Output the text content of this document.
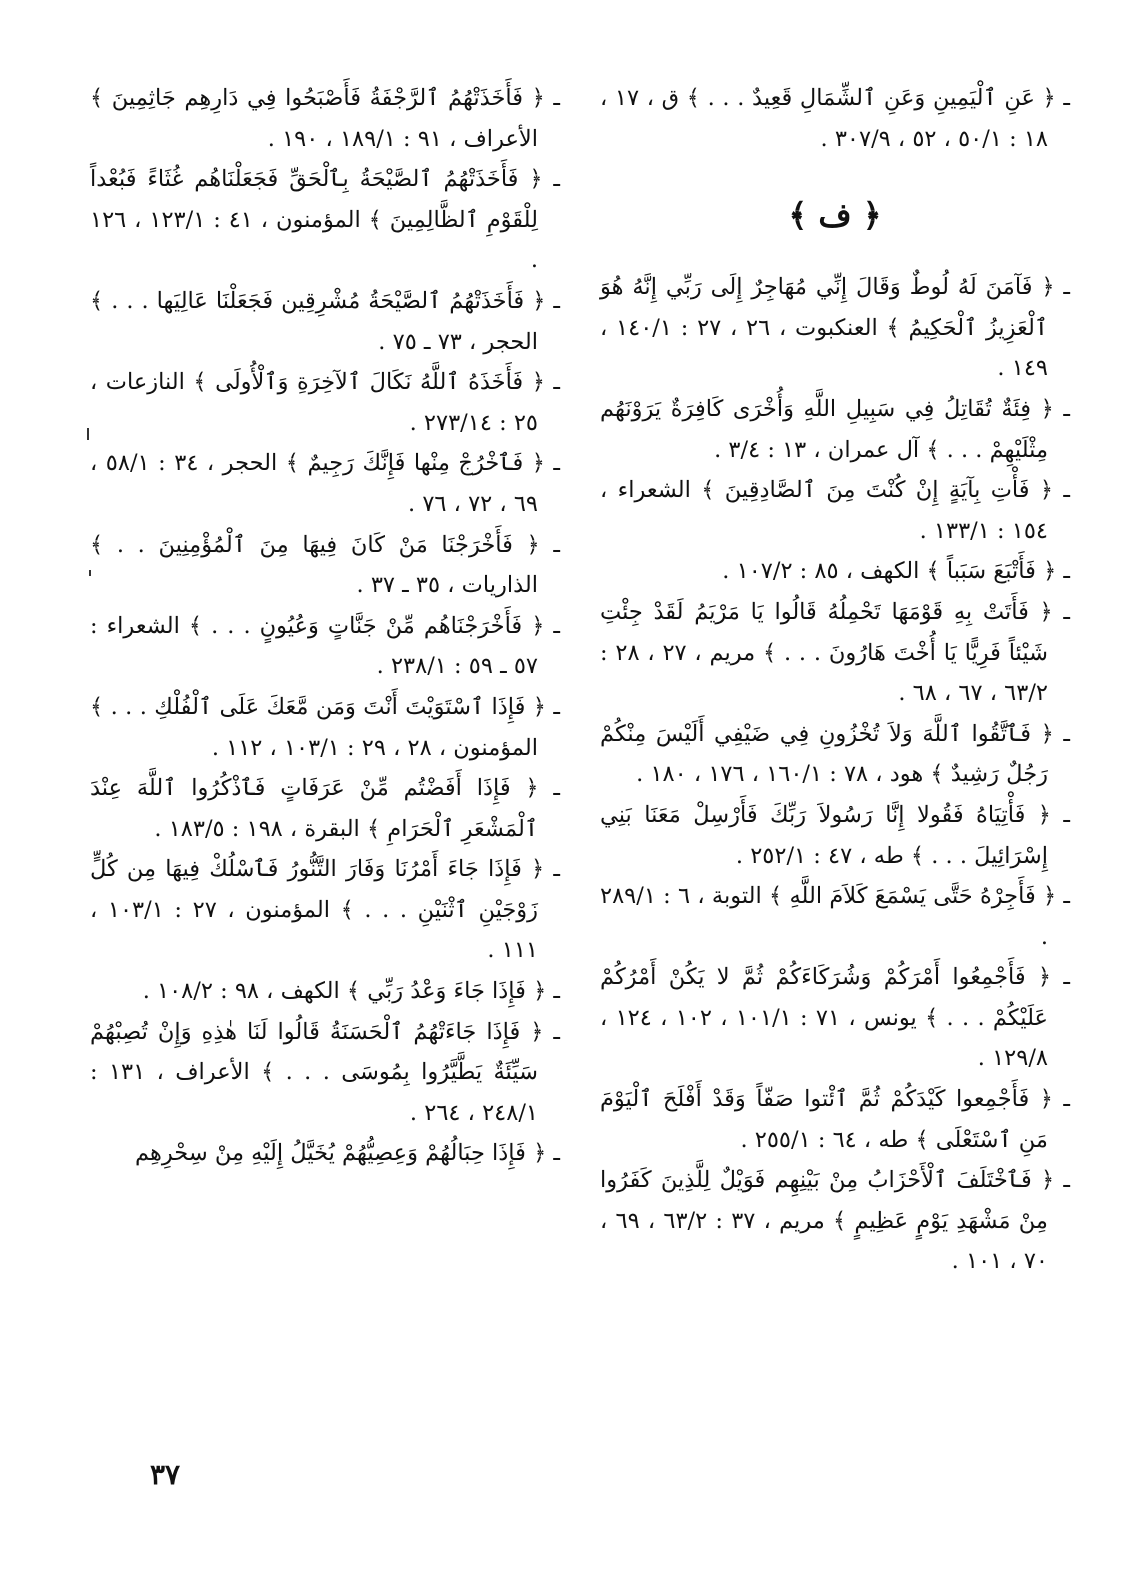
ـ ﴿ عَنِ ٱلْيَمِينِ وَعَنِ ٱلشِّمَالِ قَعِيدٌ . . . ﴾ ق ، ١٧ ، ١٨ : ٥٠/١ ، ٥٢ ، ٣٠٧/٩ .

﴿ ف ﴾

ـ ﴿ فَآمَنَ لَهُ لُوطٌ وَقَالَ إِنِّي مُهَاجِرٌ إِلَى رَبِّي إِنَّهُ هُوَ ٱلْعَزِيزُ ٱلْحَكِيمُ ﴾ العنكبوت ، ٢٦ ، ٢٧ : ١٤٠/١ ، ١٤٩ .

ـ ﴿ فِئَةٌ تُقَاتِلُ فِي سَبِيلِ اللَّهِ وَأُخْرَى كَافِرَةٌ يَرَوْنَهُم مِثْلَيْهِمْ . . . ﴾ آل عمران ، ١٣ : ٣/٤ .

ـ ﴿ فَأْتِ بِآيَةٍ إِنْ كُنْتَ مِنَ ٱلصَّادِقِينَ ﴾ الشعراء ، ١٥٤ : ١٣٣/١ .

ـ ﴿ فَأَتْبَعَ سَبَباً ﴾ الكهف ، ٨٥ : ١٠٧/٢ .

ـ ﴿ فَأَتَتْ بِهِ قَوْمَهَا تَحْمِلُهُ قَالُوا يَا مَرْيَمُ لَقَدْ جِئْتِ شَيْئاً فَرِيًّا يَا أُخْتَ هَارُونَ . . . ﴾ مريم ، ٢٧ ، ٢٨ : ٦٣/٢ ، ٦٧ ، ٦٨ .

ـ ﴿ فَٱتَّقُوا ٱللَّهَ وَلاَ تُخْزُونِ فِي ضَيْفِي أَلَيْسَ مِنْكُمْ رَجُلٌ رَشِيدٌ ﴾ هود ، ٧٨ : ١٦٠/١ ، ١٧٦ ، ١٨٠ .

ـ ﴿ فَأْتِيَاهُ فَقُولا إِنَّا رَسُولاَ رَبِّكَ فَأَرْسِلْ مَعَنَا بَنِي إِسْرَائِيلَ . . . ﴾ طه ، ٤٧ : ٢٥٢/١ .

ـ ﴿ فَأَجِرْهُ حَتَّى يَسْمَعَ كَلاَمَ اللَّهِ ﴾ التوبة ، ٦ : ٢٨٩/١ .

ـ ﴿ فَأَجْمِعُوا أَمْرَكُمْ وَشُرَكَاءَكُمْ ثُمَّ لا يَكُنْ أَمْرُكُمْ عَلَيْكُمْ . . . ﴾ يونس ، ٧١ : ١٠١/١ ، ١٠٢ ، ١٢٤ ، ١٢٩/٨ .

ـ ﴿ فَأَجْمِعوا كَيْدَكُمْ ثُمَّ ٱئْتوا صَفّاً وَقَدْ أَفْلَحَ ٱلْيَوْمَ مَنِ ٱسْتَعْلَى ﴾ طه ، ٦٤ : ٢٥٥/١ .

ـ ﴿ فَٱخْتَلَفَ ٱلْأَحْزَابُ مِنْ بَيْنِهِم فَوَيْلٌ لِلَّذِينَ كَفَرُوا مِنْ مَشْهَدِ يَوْمٍ عَظِيمٍ ﴾ مريم ، ٣٧ : ٦٣/٢ ، ٦٩ ، ٧٠ ، ١٠١ .

ـ ﴿ فَأَخَذَتْهُمُ ٱلرَّجْفَةُ فَأَصْبَحُوا فِي دَارِهِم جَاثِمِينَ ﴾ الأعراف ، ٩١ : ١٨٩/١ ، ١٩٠ .

ـ ﴿ فَأَخَذَتْهُمُ ٱلصَّيْحَةُ بِٱلْحَقِّ فَجَعَلْنَاهُم غُثَاءً فَبُعْداً لِلْقَوْمِ ٱلظَّالِمِينَ ﴾ المؤمنون ، ٤١ : ١٢٣/١ ، ١٢٦ .

ـ ﴿ فَأَخَذَتْهُمُ ٱلصَّيْحَةُ مُشْرِقِين فَجَعَلْنَا عَالِيَها . . . ﴾ الحجر ، ٧٣ ـ ٧٥ .

ـ ﴿ فَأَخَذَهُ ٱللَّهُ نَكَالَ ٱلآخِرَةِ وَٱلْأُولَى ﴾ النازعات ، ٢٥ : ٢٧٣/١٤ .

ـ ﴿ فَٱخْرُجْ مِنْها فَإِنَّكَ رَجِيمٌ ﴾ الحجر ، ٣٤ : ٥٨/١ ، ٦٩ ، ٧٢ ، ٧٦ .

ـ ﴿ فَأَخْرَجْنَا مَنْ كَانَ فِيهَا مِنَ ٱلْمُؤْمِنِينَ . . ﴾ الذاريات ، ٣٥ ـ ٣٧ .

ـ ﴿ فَأَخْرَجْنَاهُم مِّنْ جَنَّاتٍ وَعُيُونٍ . . . ﴾ الشعراء : ٥٧ ـ ٥٩ : ٢٣٨/١ .

ـ ﴿ فَإِذَا ٱسْتَوَيْتَ أَنْتَ وَمَن مَّعَكَ عَلَى ٱلْفُلْكِ . . . ﴾ المؤمنون ، ٢٨ ، ٢٩ : ١٠٣/١ ، ١١٢ .

ـ ﴿ فَإِذَا أَفَضْتُم مِّنْ عَرَفَاتٍ فَٱذْكُرُوا ٱللَّهَ عِنْدَ ٱلْمَشْعَرِ ٱلْحَرَامِ ﴾ البقرة ، ١٩٨ : ١٨٣/٥ .

ـ ﴿ فَإِذَا جَاءَ أَمْرُنَا وَفَارَ التَّنُّورُ فَٱسْلُكْ فِيهَا مِن كُلٍّ زَوْجَيْنِ ٱثْنَيْنِ . . . ﴾ المؤمنون ، ٢٧ : ١٠٣/١ ، ١١١ .

ـ ﴿ فَإِذَا جَاءَ وَعْدُ رَبِّي ﴾ الكهف ، ٩٨ : ١٠٨/٢ .

ـ ﴿ فَإِذَا جَاءَتْهُمُ ٱلْحَسَنَةُ قَالُوا لَنَا هٰذِهِ وَإِنْ تُصِبْهُمْ سَيِّئَةٌ يَطَّيَّرُوا بِمُوسَى . . . ﴾ الأعراف ، ١٣١ : ٢٤٨/١ ، ٢٦٤ .

ـ ﴿ فَإِذَا حِبَالُهُمْ وَعِصِيُّهُمْ يُخَيَّلُ إِلَيْهِ مِنْ سِحْرِهِم

٣٧
